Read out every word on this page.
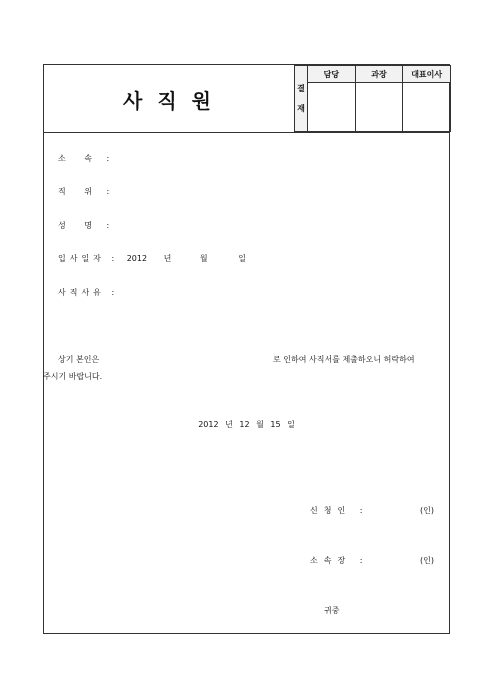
사 직 원
결
재	담당	과장	대표이사

소 속 :
직 위 :
성 명 :
입사일자 : 2012 년	월	일
사직사유 :
상기 본인은	로 인하여 사직서를 제출하오니 허락하여
주시기 바랍니다.
2012 년 12 월 15 일
신청인 :	(인)
소속장 :	(인)
귀중
